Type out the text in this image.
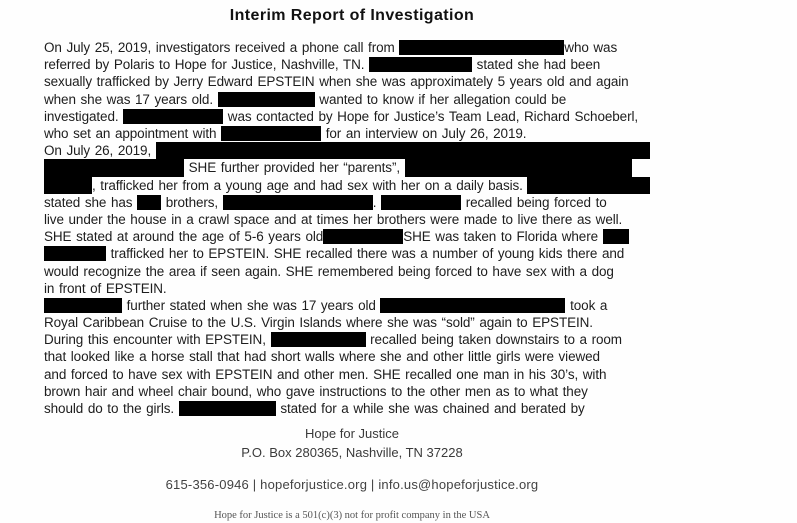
Interim Report of Investigation
On July 25, 2019, investigators received a phone call from	who was
referred by Polaris to Hope for Justice, Nashville, TN.	stated she had been
sexually trafficked by Jerry Edward EPSTEIN when she was approximately 5 years old and again
when she was 17 years old.	wanted to know if her allegation could be
investigated.	was contacted by Hope for Justice’s Team Lead, Richard Schoeberl,
who set an appointment with	for an interview on July 26, 2019.
On July 26, 2019,
SHE further provided her “parents”,
, trafficked her from a young age and had sex with her on a daily basis.
stated she has brothers,	.	recalled being forced to
live under the house in a crawl space and at times her brothers were made to live there as well.
SHE stated at around the age of 5-6 years old	SHE was taken to Florida where
trafficked her to EPSTEIN. SHE recalled there was a number of young kids there and
would recognize the area if seen again. SHE remembered being forced to have sex with a dog
in front of EPSTEIN.
further stated when she was 17 years old	took a
Royal Caribbean Cruise to the U.S. Virgin Islands where she was “sold” again to EPSTEIN.
During this encounter with EPSTEIN,	recalled being taken downstairs to a room
that looked like a horse stall that had short walls where she and other little girls were viewed
and forced to have sex with EPSTEIN and other men. SHE recalled one man in his 30’s, with
brown hair and wheel chair bound, who gave instructions to the other men as to what they
should do to the girls.	stated for a while she was chained and berated by
Hope for Justice
P.O. Box 280365, Nashville, TN 37228
615-356-0946 | hopeforjustice.org | info.us@hopeforjustice.org
Hope for Justice is a 501(c)(3) not for profit company in the USA
